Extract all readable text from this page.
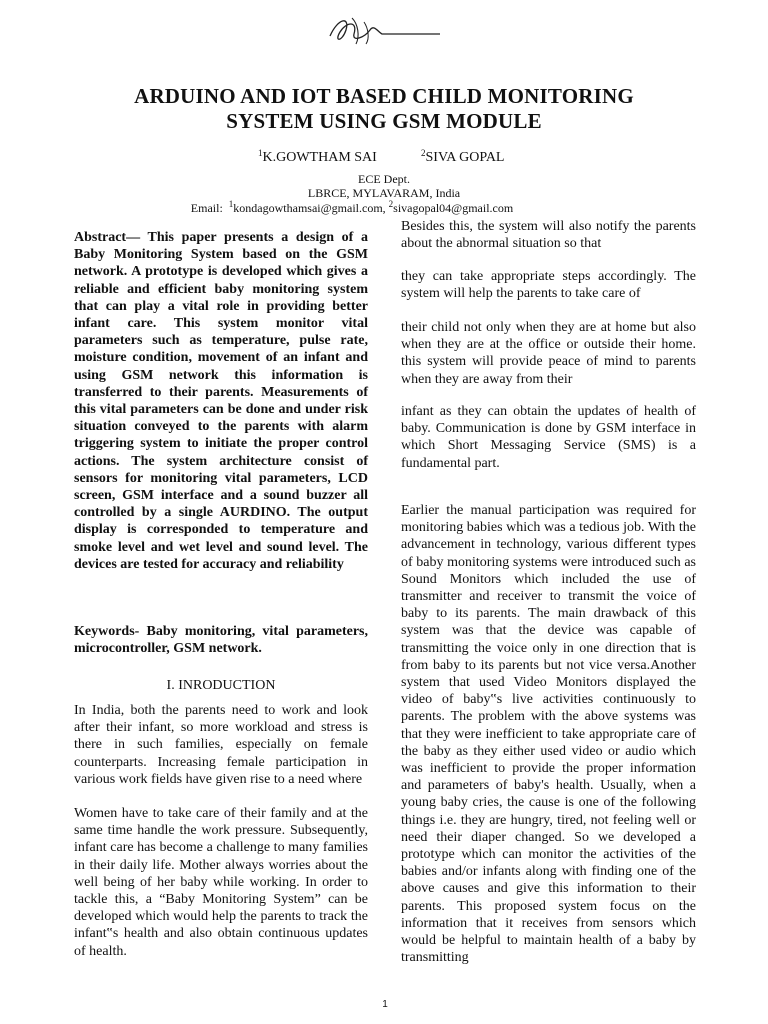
ARDUINO AND IOT BASED CHILD MONITORING
SYSTEM USING GSM MODULE
$^1$K.GOWTHAM SAI	$^2$SIVA GOPAL
ECE Dept.
LBRCE, MYLAVARAM, India
Email: $^1$kondagowthamsai@gmail.com, $^2$sivagopal04@gmail.com

Abstract— This paper presents a design of a Baby Monitoring System based on the GSM network. A prototype is developed which gives a reliable and efficient baby monitoring system that can play a vital role in providing better infant care. This system monitor vital parameters such as temperature, pulse rate, moisture condition, movement of an infant and using GSM network this information is transferred to their parents. Measurements of this vital parameters can be done and under risk situation conveyed to the parents with alarm triggering system to initiate the proper control actions. The system architecture consist of sensors for monitoring vital parameters, LCD screen, GSM interface and a sound buzzer all controlled by a single AURDINO. The output display is corresponded to temperature and smoke level and wet level and sound level. The devices are tested for accuracy and reliability

Keywords- Baby monitoring, vital parameters, microcontroller, GSM network.

I. INRODUCTION
In India, both the parents need to work and look after their infant, so more workload and stress is there in such families, especially on female counterparts. Increasing female participation in various work fields have given rise to a need where
Women have to take care of their family and at the same time handle the work pressure. Subsequently, infant care has become a challenge to many families in their daily life. Mother always worries about the well being of her baby while working. In order to tackle this, a “Baby Monitoring System” can be developed which would help the parents to track the infant‟s health and also obtain continuous updates of health.
Besides this, the system will also notify the parents about the abnormal situation so that
they can take appropriate steps accordingly. The system will help the parents to take care of
their child not only when they are at home but also when they are at the office or outside their home. this system will provide peace of mind to parents when they are away from their
infant as they can obtain the updates of health of baby. Communication is done by GSM interface in which Short Messaging Service (SMS) is a fundamental part.
Earlier the manual participation was required for monitoring babies which was a tedious job. With the advancement in technology, various different types of baby monitoring systems were introduced such as Sound Monitors which included the use of transmitter and receiver to transmit the voice of baby to its parents. The main drawback of this system was that the device was capable of transmitting the voice only in one direction that is from baby to its parents but not vice versa.Another system that used Video Monitors displayed the video of baby‟s live activities continuously to parents. The problem with the above systems was that they were inefficient to take appropriate care of the baby as they either used video or audio which was inefficient to provide the proper information and parameters of baby's health. Usually, when a young baby cries, the cause is one of the following things i.e. they are hungry, tired, not feeling well or need their diaper changed. So we developed a prototype which can monitor the activities of the babies and/or infants along with finding one of the above causes and give this information to their parents. This proposed system focus on the information that it receives from sensors which would be helpful to maintain health of a baby by transmitting
1
